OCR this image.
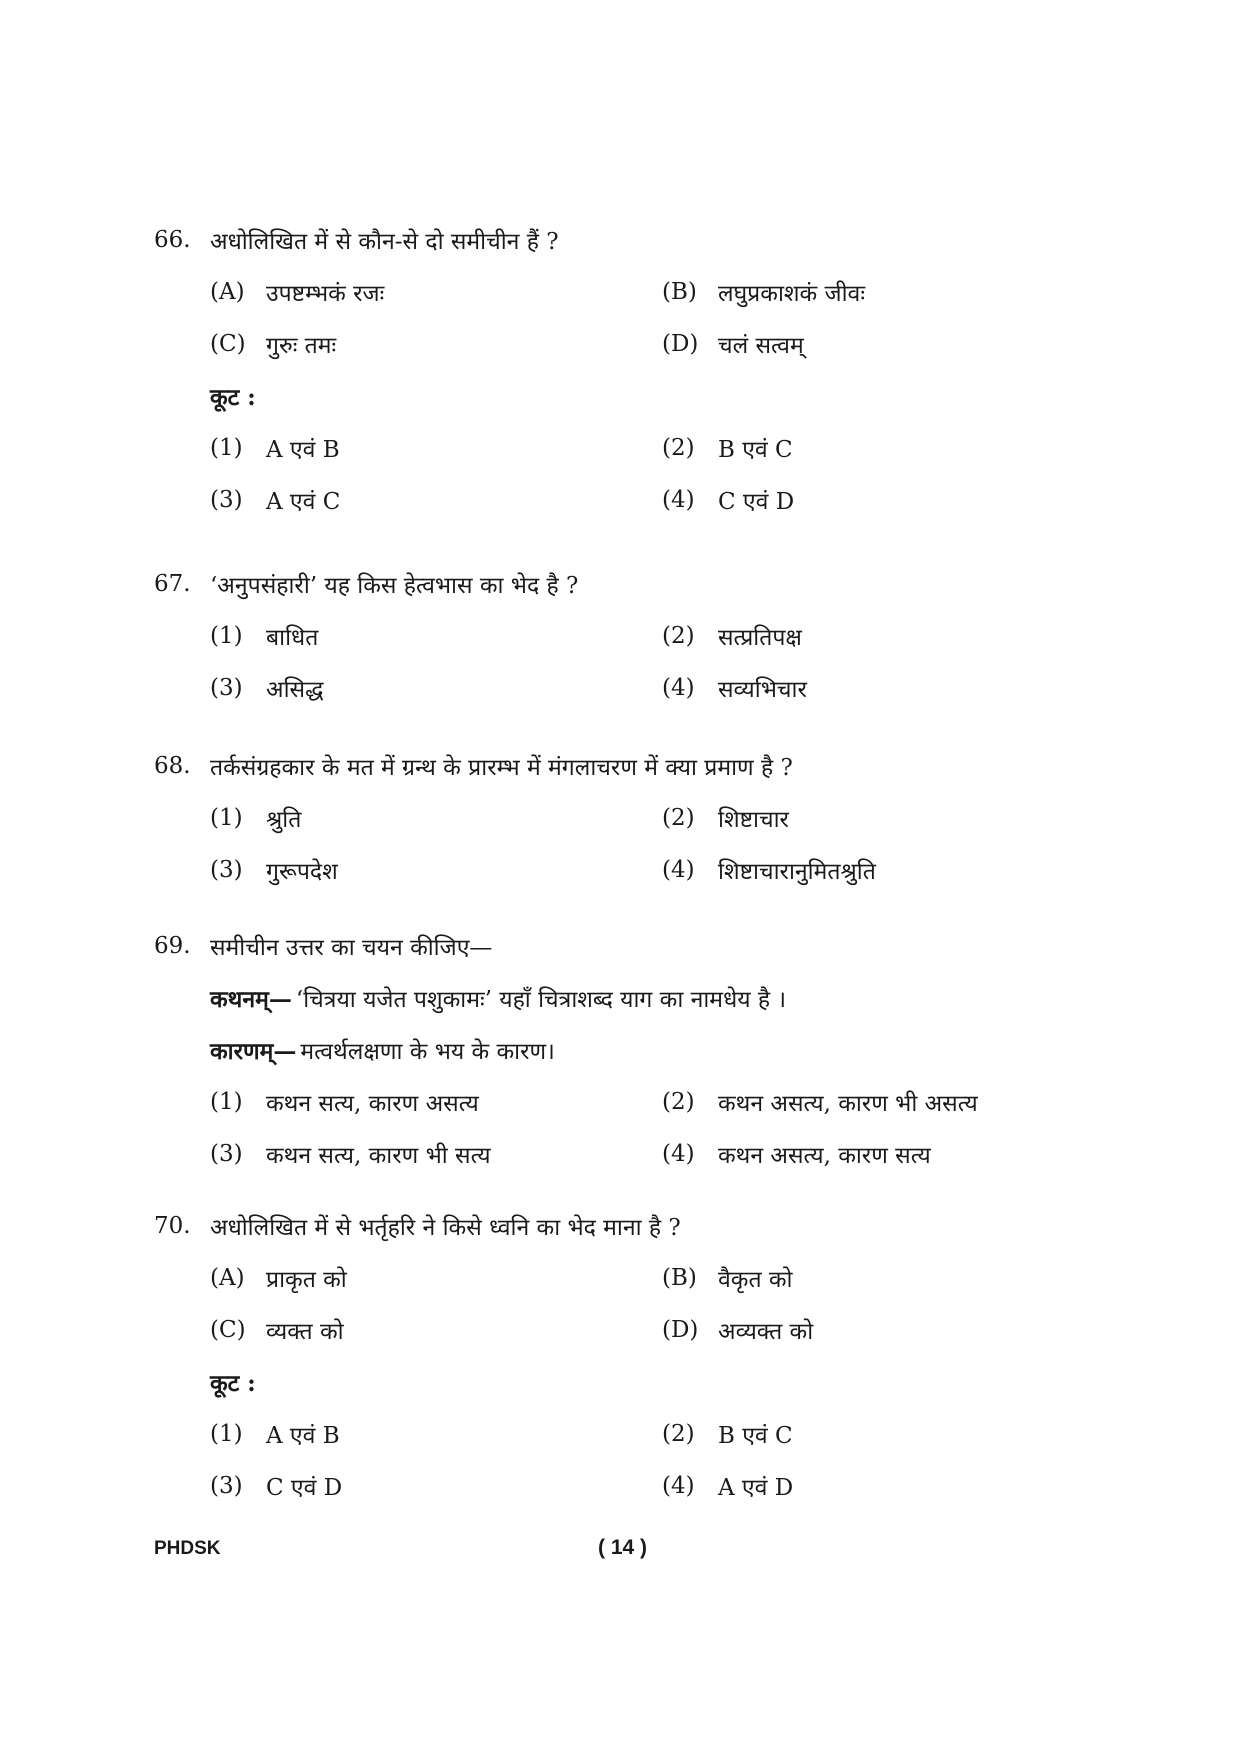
66. अधोलिखित में से कौन-से दो समीचीन हैं ?
(A) उपष्टम्भकं रजः	(B) लघुप्रकाशकं जीवः
(C) गुरुः तमः	(D) चलं सत्वम्
कूट :
(1)	A एवं B	(2)	B एवं C
(3)	A एवं C	(4)	C एवं D
67. ‘अनुपसंहारी’ यह किस हेत्वभास का भेद है ?
(1)	बाधित	(2)	सत्प्रतिपक्ष
(3)	असिद्ध	(4)	सव्यभिचार
68. तर्कसंग्रहकार के मत में ग्रन्थ के प्रारम्भ में मंगलाचरण में क्या प्रमाण है ?
(1)	श्रुति	(2)	शिष्टाचार
(3)	गुरूपदेश	(4)	शिष्टाचारानुमितश्रुति
69. समीचीन उत्तर का चयन कीजिए—
कथनम्— ‘चित्रया यजेत पशुकामः’ यहाँ चित्राशब्द याग का नामधेय है ।
कारणम्— मत्वर्थलक्षणा के भय के कारण।
(1)	कथन सत्य, कारण असत्य	(2)	कथन असत्य, कारण भी असत्य
(3)	कथन सत्य, कारण भी सत्य	(4)	कथन असत्य, कारण सत्य
70. अधोलिखित में से भर्तृहरि ने किसे ध्वनि का भेद माना है ?
(A) प्राकृत को	(B) वैकृत को
(C) व्यक्त को	(D) अव्यक्त को
कूट :
(1)	A एवं B	(2)	B एवं C
(3)	C एवं D	(4)	A एवं D
PHDSK	( 14 )
